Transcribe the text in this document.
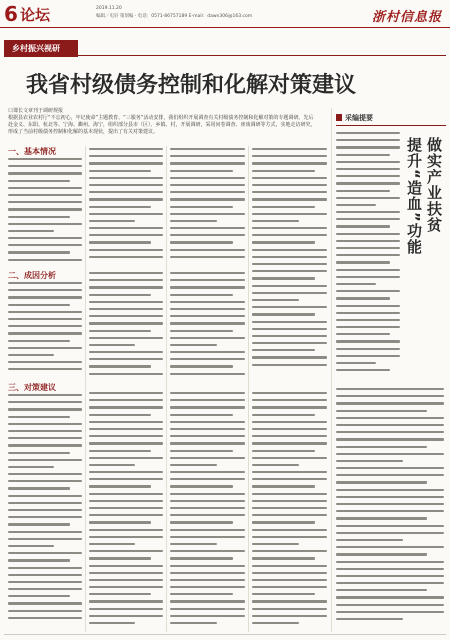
6 论坛	2019.11.20
编辑／史轩 策划编 · 电话：0571-86757189 E-mail：dawn306@163.com	浙村信息报
乡村振兴视研
我省村级债务控制和化解对策建议
口课长文章刊于调研规报

根据县农业农村厅“不忘初心，牢记使命”主题教育、“三服务”活动安排，我们组织开展调查有关村级债务控制和化解对策的专题调研。先后赴金义、东阳、杭北等、宁海、衢州、海宁，组织部分县市（区）、乡镇、村，开展调研，采用问卷调查、座谈调研等方式，实地走访研究，形成了当前村级债务控制和化解的基本现状，提出了有关对策建议。

一、基本情况
二、成因分析
三、对策建议
采编提要
做实产业扶贫
提升“造血”功能
